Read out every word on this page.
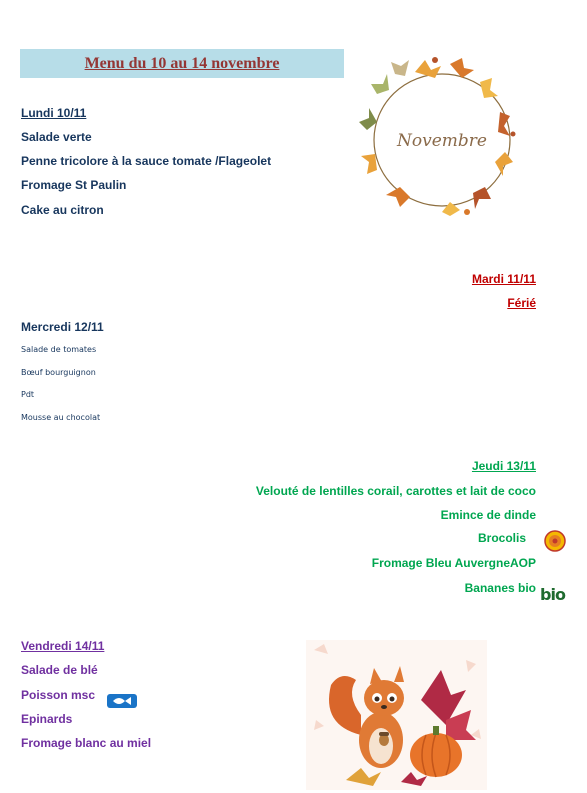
Menu du 10 au 14 novembre
Novembre
Lundi 10/11
Salade verte
Penne tricolore à la sauce tomate /Flageolet
Fromage St Paulin
Cake au citron
Mardi 11/11
Férié
Mercredi 12/11
Salade de tomates
Bœuf bourguignon
Pdt
Mousse au chocolat
Jeudi 13/11
Velouté de lentilles corail, carottes et lait de coco
Emince de dinde
Brocolis
Fromage Bleu AuvergneAOP
Bananes bio bio
Vendredi 14/11
Salade de blé
Poisson msc
Epinards
Fromage blanc au miel
